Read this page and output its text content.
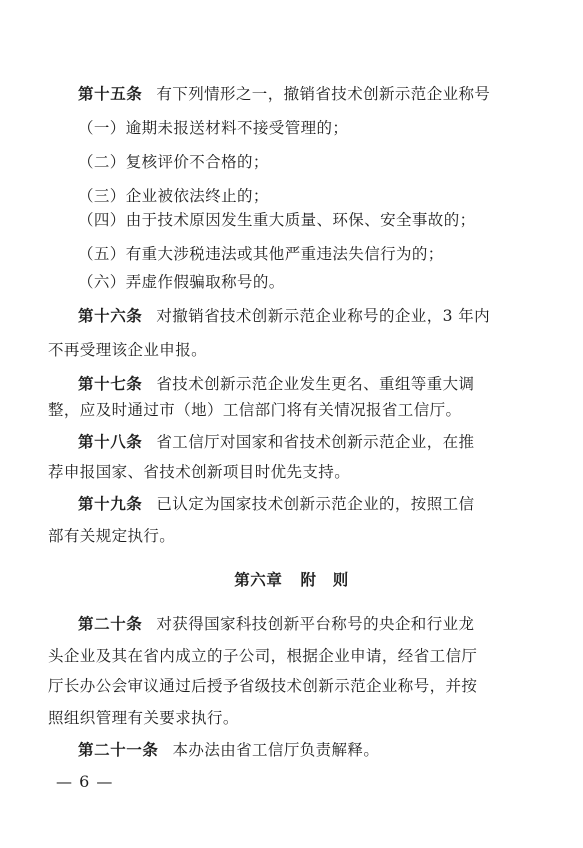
第十五条 有下列情形之一，撤销省技术创新示范企业称号
（一）逾期未报送材料不接受管理的；
（二）复核评价不合格的；
（三）企业被依法终止的；
（四）由于技术原因发生重大质量、环保、安全事故的；
（五）有重大涉税违法或其他严重违法失信行为的；
（六）弄虚作假骗取称号的。
第十六条 对撤销省技术创新示范企业称号的企业，3 年内
不再受理该企业申报。
第十七条 省技术创新示范企业发生更名、重组等重大调
整，应及时通过市（地）工信部门将有关情况报省工信厅。
第十八条 省工信厅对国家和省技术创新示范企业，在推
荐申报国家、省技术创新项目时优先支持。
第十九条 已认定为国家技术创新示范企业的，按照工信
部有关规定执行。
第六章 附　则
第二十条 对获得国家科技创新平台称号的央企和行业龙
头企业及其在省内成立的子公司，根据企业申请，经省工信厅
厅长办公会审议通过后授予省级技术创新示范企业称号，并按
照组织管理有关要求执行。
第二十一条 本办法由省工信厅负责解释。
— 6 —
